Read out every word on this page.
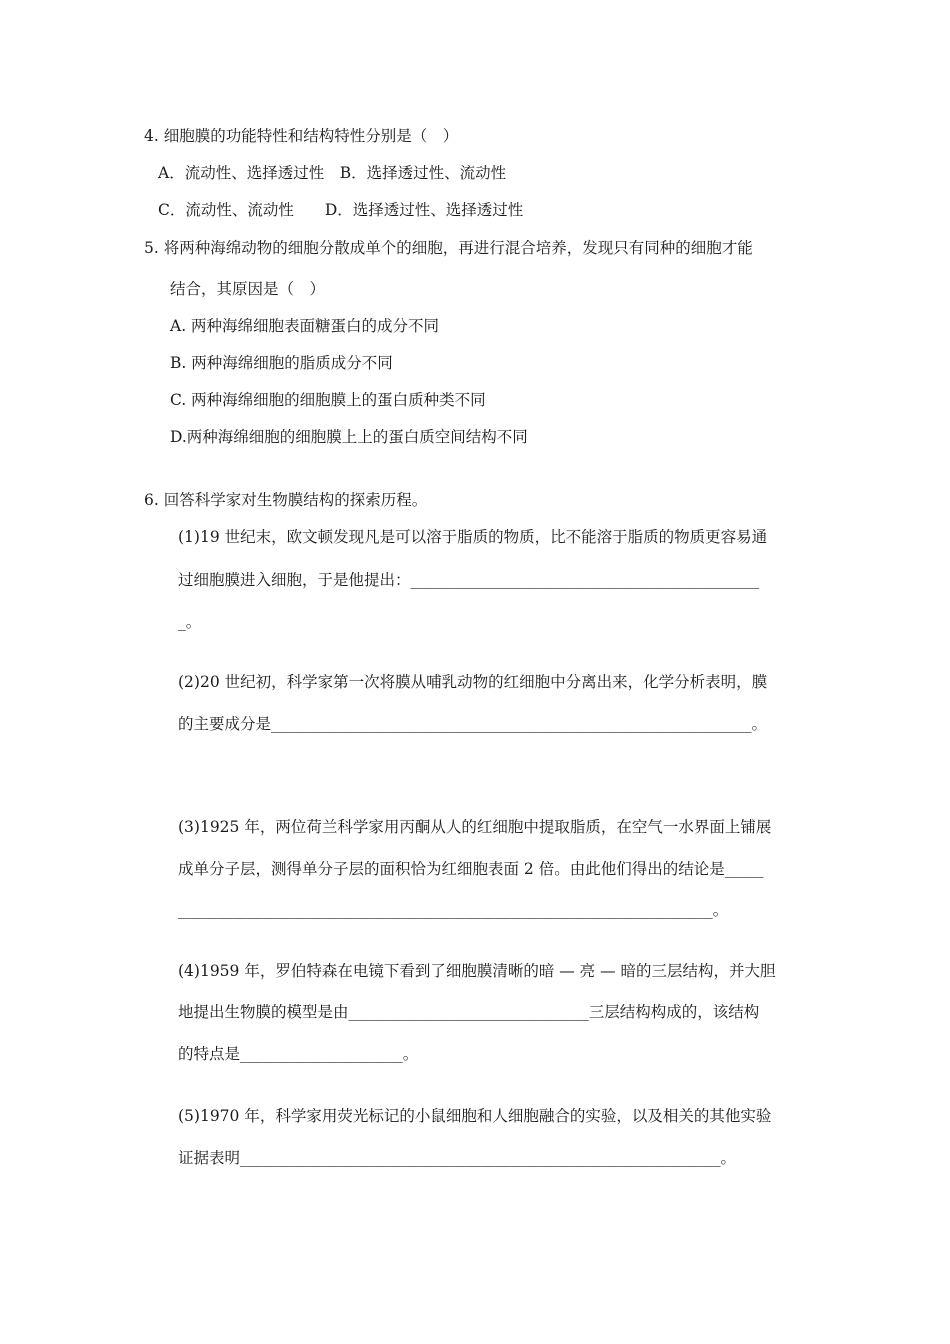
4. 细胞膜的功能特性和结构特性分别是（　）
A．流动性、选择透过性　B．选择透过性、流动性
C．流动性、流动性　　D．选择透过性、选择透过性
5. 将两种海绵动物的细胞分散成单个的细胞，再进行混合培养，发现只有同种的细胞才能
结合，其原因是（　）
A. 两种海绵细胞表面糖蛋白的成分不同
B. 两种海绵细胞的脂质成分不同
C. 两种海绵细胞的细胞膜上的蛋白质种类不同
D.两种海绵细胞的细胞膜上上的蛋白质空间结构不同
6. 回答科学家对生物膜结构的探索历程。
(1)19 世纪末，欧文顿发现凡是可以溶于脂质的物质，比不能溶于脂质的物质更容易通
过细胞膜进入细胞，于是他提出：_____________________________________________
_。
(2)20 世纪初，科学家第一次将膜从哺乳动物的红细胞中分离出来，化学分析表明，膜
的主要成分是______________________________________________________________。
(3)1925 年，两位荷兰科学家用丙酮从人的红细胞中提取脂质，在空气一水界面上铺展
成单分子层，测得单分子层的面积恰为红细胞表面 2 倍。由此他们得出的结论是_____
_____________________________________________________________________。
(4)1959 年，罗伯特森在电镜下看到了细胞膜清晰的暗 — 亮 — 暗的三层结构，并大胆
地提出生物膜的模型是由_______________________________三层结构构成的，该结构
的特点是_____________________。
(5)1970 年，科学家用荧光标记的小鼠细胞和人细胞融合的实验，以及相关的其他实验
证据表明______________________________________________________________。
